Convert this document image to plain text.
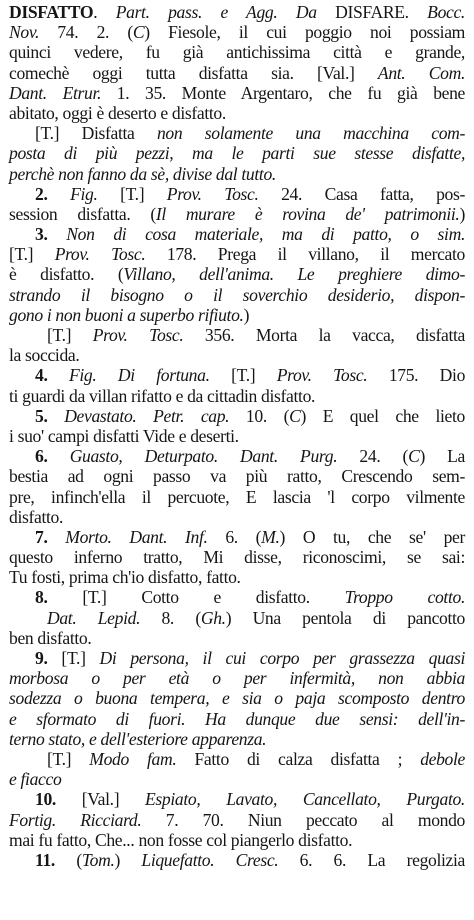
DISFATTO. Part. pass. e Agg. Da DISFARE. Bocc.
Nov. 74. 2. (C) Fiesole, il cui poggio noi possiam
quinci vedere, fu già antichissima città e grande,
comechè oggi tutta disfatta sia. [Val.] Ant. Com.
Dant. Etrur. 1. 35. Monte Argentaro, che fu già bene
abitato, oggi è deserto e disfatto.
[T.] Disfatta non solamente una macchina com-
posta di più pezzi, ma le parti sue stesse disfatte,
perchè non fanno da sè, divise dal tutto.
2. Fig. [T.] Prov. Tosc. 24. Casa fatta, pos-
session disfatta. (Il murare è rovina de' patrimonii.)
3. Non di cosa materiale, ma di patto, o sim.
[T.] Prov. Tosc. 178. Prega il villano, il mercato
è disfatto. (Villano, dell'anima. Le preghiere dimo-
strando il bisogno o il soverchio desiderio, dispon-
gono i non buoni a superbo rifiuto.)
[T.] Prov. Tosc. 356. Morta la vacca, disfatta
la soccida.
4. Fig. Di fortuna. [T.] Prov. Tosc. 175. Dio
ti guardi da villan rifatto e da cittadin disfatto.
5. Devastato. Petr. cap. 10. (C) E quel che lieto
i suo' campi disfatti Vide e deserti.
6. Guasto, Deturpato. Dant. Purg. 24. (C) La
bestia ad ogni passo va più ratto, Crescendo sem-
pre, infinch'ella il percuote, E lascia 'l corpo vilmente
disfatto.
7. Morto. Dant. Inf. 6. (M.) O tu, che se' per
questo inferno tratto, Mi disse, riconoscimi, se sai:
Tu fosti, prima ch'io disfatto, fatto.
8. [T.] Cotto e disfatto. Troppo cotto.
Dat. Lepid. 8. (Gh.) Una pentola di pancotto
ben disfatto.
9. [T.] Di persona, il cui corpo per grassezza quasi
morbosa o per età o per infermità, non abbia
sodezza o buona tempera, e sia o paja scomposto dentro
e sformato di fuori. Ha dunque due sensi: dell'in-
terno stato, e dell'esteriore apparenza.
[T.] Modo fam. Fatto di calza disfatta ; debole
e fiacco
10. [Val.] Espiato, Lavato, Cancellato, Purgato.
Fortig. Ricciard. 7. 70. Niun peccato al mondo
mai fu fatto, Che... non fosse col piangerlo disfatto.
11. (Tom.) Liquefatto. Cresc. 6. 6. La regolizia
